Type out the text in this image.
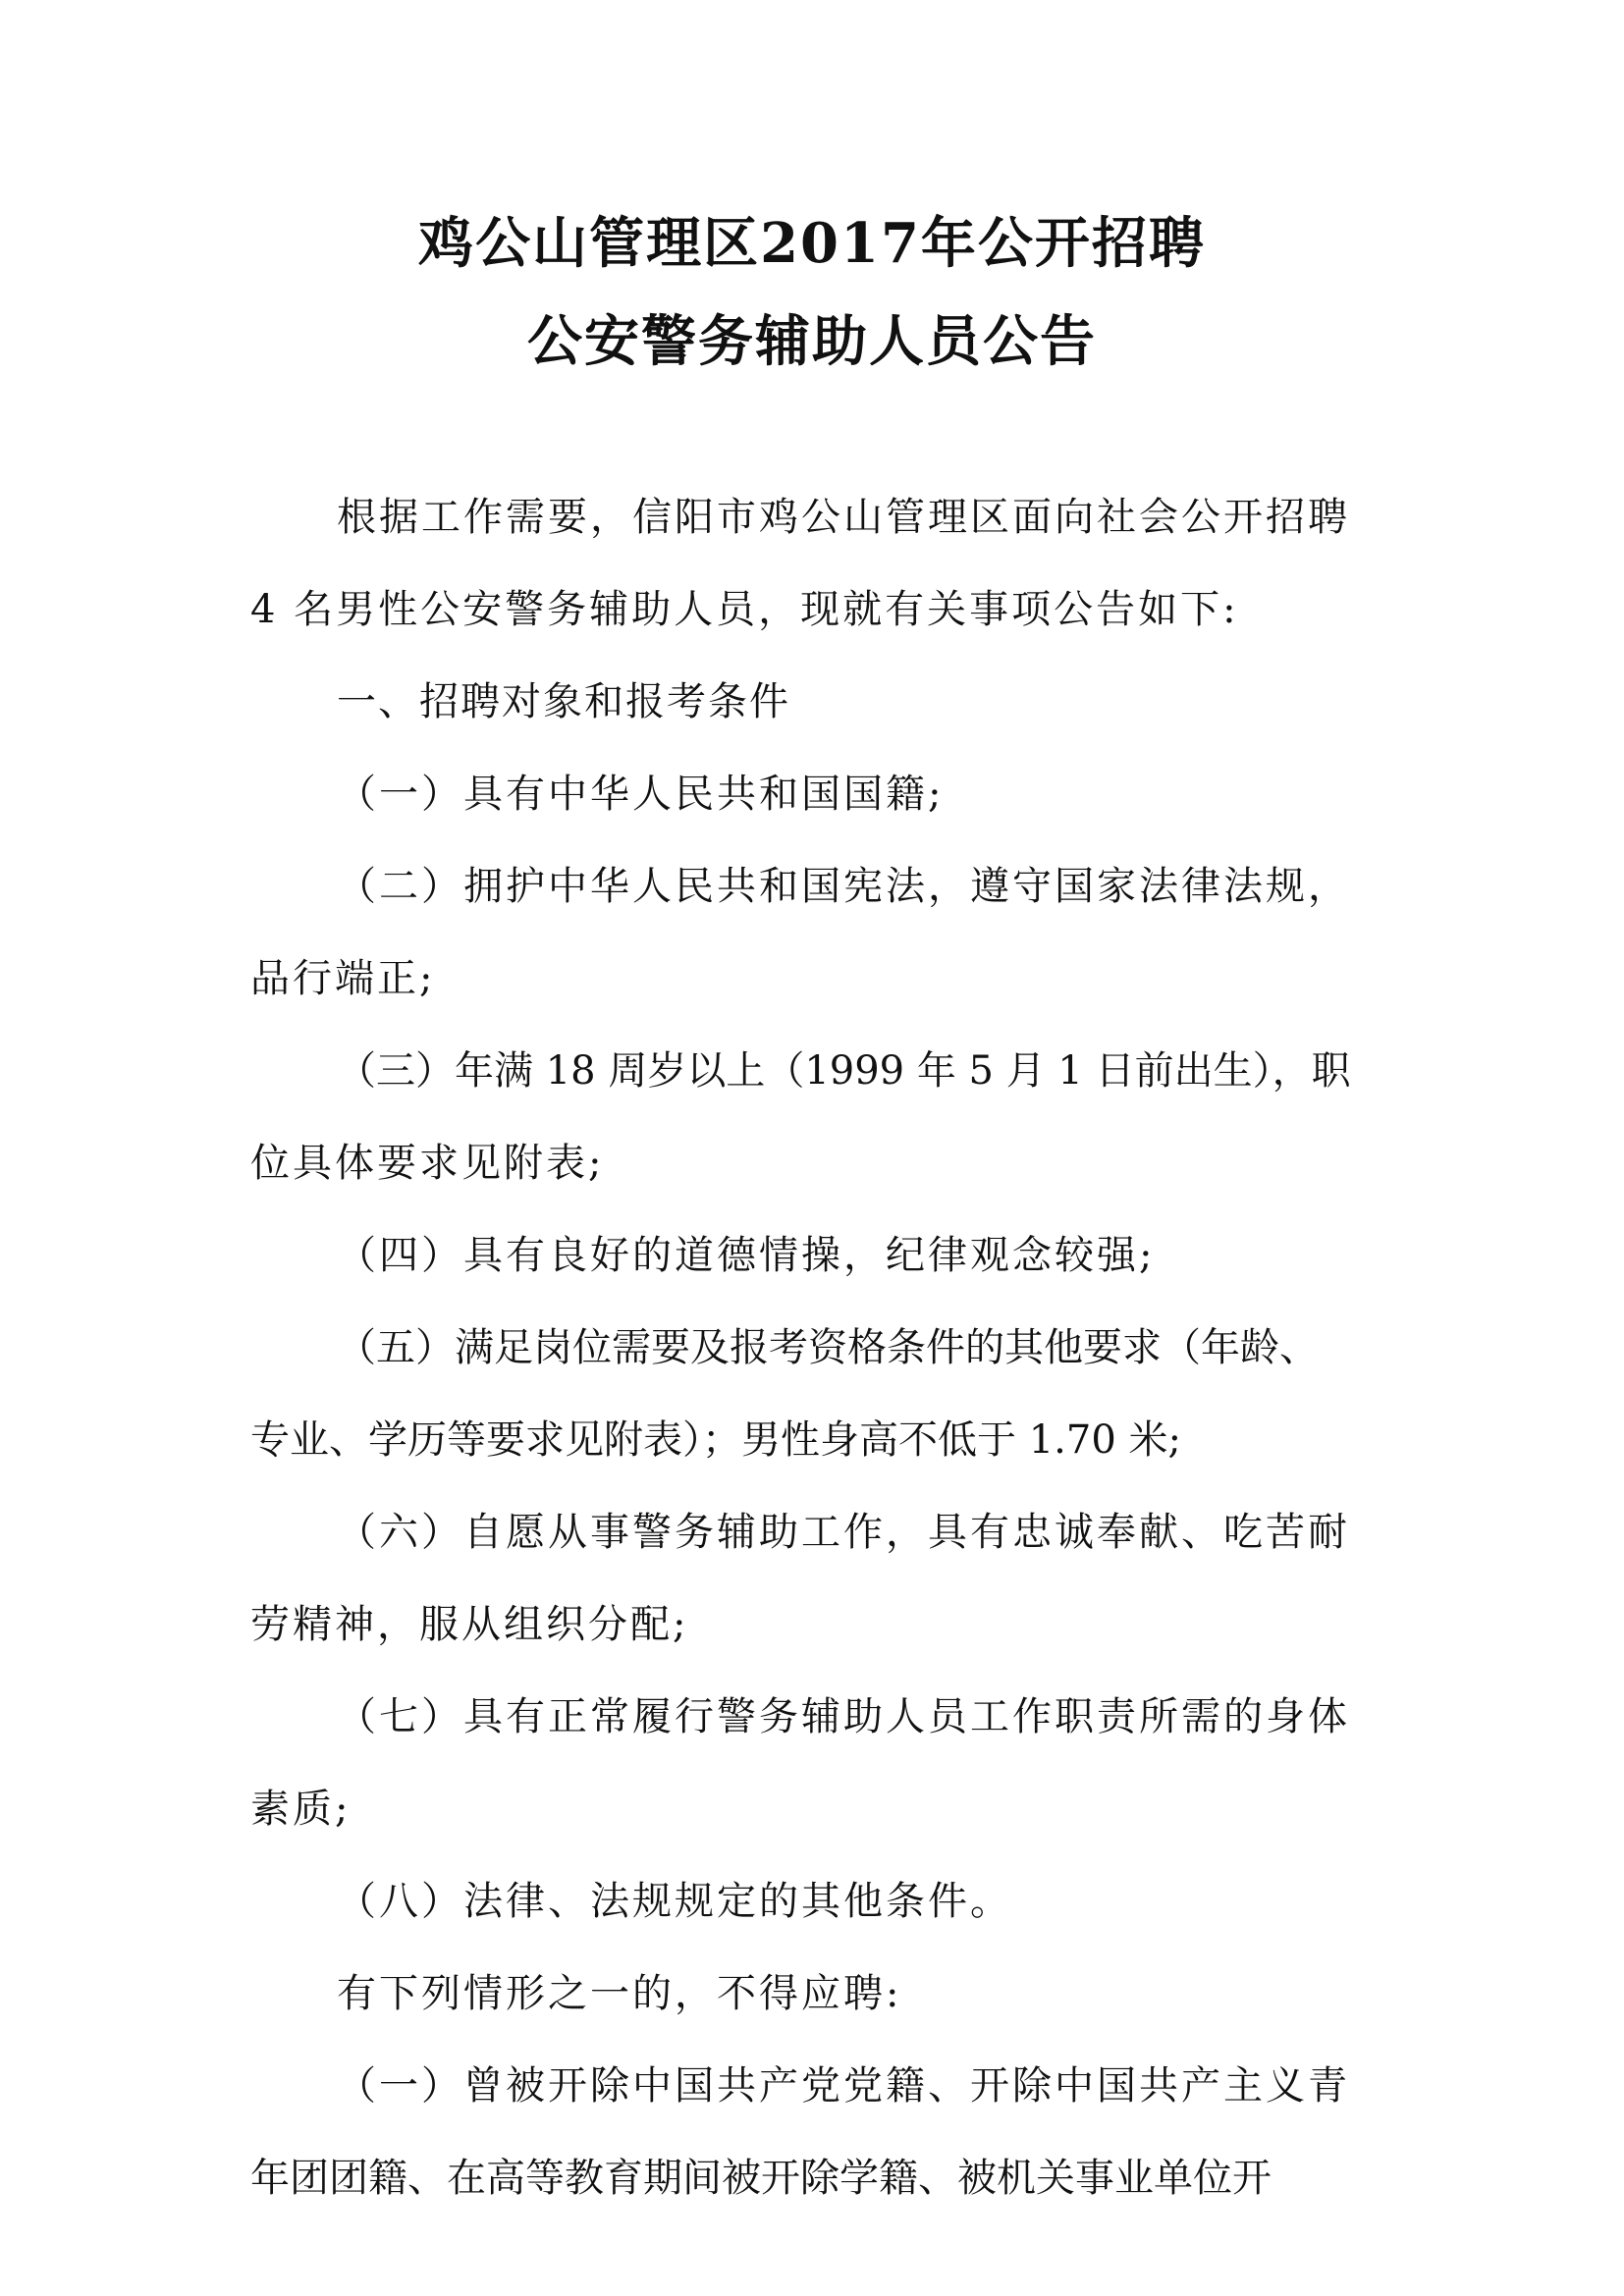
鸡公山管理区2017年公开招聘
公安警务辅助人员公告
根据工作需要，信阳市鸡公山管理区面向社会公开招聘
4 名男性公安警务辅助人员，现就有关事项公告如下:
一、招聘对象和报考条件
（一）具有中华人民共和国国籍;
（二）拥护中华人民共和国宪法，遵守国家法律法规，
品行端正;
（三）年满 18 周岁以上（1999 年 5 月 1 日前出生），职
位具体要求见附表;
（四）具有良好的道德情操，纪律观念较强;
（五）满足岗位需要及报考资格条件的其他要求（年龄、
专业、学历等要求见附表）；男性身高不低于 1.70 米;
（六）自愿从事警务辅助工作，具有忠诚奉献、吃苦耐
劳精神，服从组织分配;
（七）具有正常履行警务辅助人员工作职责所需的身体
素质;
（八）法律、法规规定的其他条件。
有下列情形之一的，不得应聘:
（一）曾被开除中国共产党党籍、开除中国共产主义青
年团团籍、在高等教育期间被开除学籍、被机关事业单位开
